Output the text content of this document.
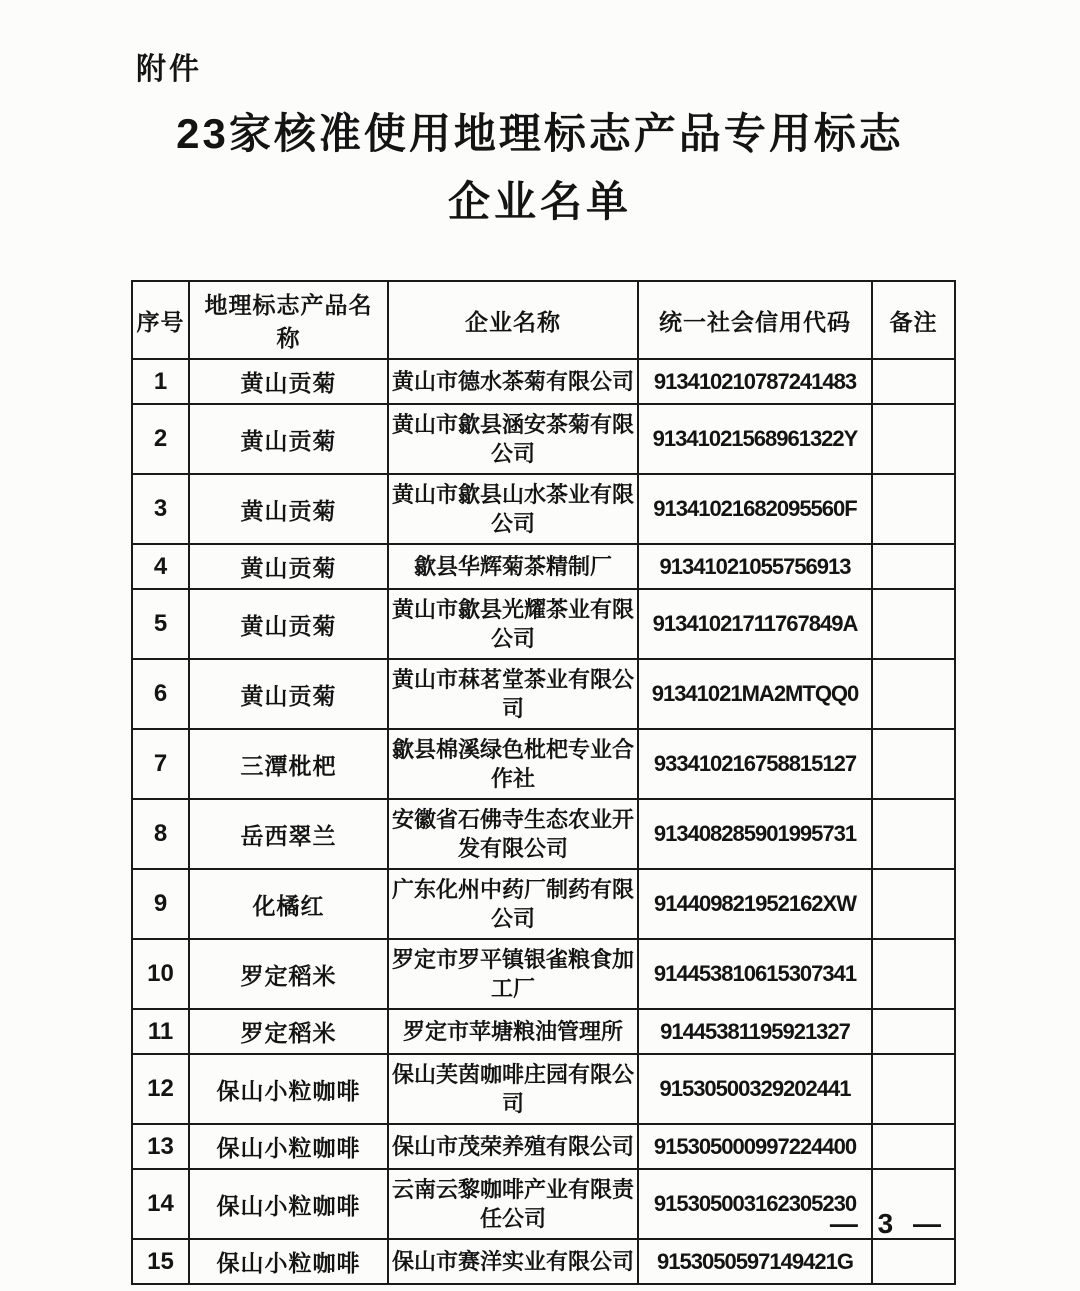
附件
23家核准使用地理标志产品专用标志
企业名单
序号	地理标志产品名称	企业名称	统一社会信用代码	备注
1	黄山贡菊	黄山市德水茶菊有限公司	913410210787241483	
2	黄山贡菊	黄山市歙县涵安茶菊有限公司	91341021568961322Y	
3	黄山贡菊	黄山市歙县山水茶业有限公司	91341021682095560F	
4	黄山贡菊	歙县华辉菊茶精制厂	91341021055756913	
5	黄山贡菊	黄山市歙县光耀茶业有限公司	91341021711767849A	
6	黄山贡菊	黄山市菻茗堂茶业有限公司	91341021MA2MTQQ0	
7	三潭枇杷	歙县棉溪绿色枇杷专业合作社	933410216758815127	
8	岳西翠兰	安徽省石佛寺生态农业开发有限公司	913408285901995731	
9	化橘红	广东化州中药厂制药有限公司	914409821952162XW	
10	罗定稻米	罗定市罗平镇银雀粮食加工厂	914453810615307341	
11	罗定稻米	罗定市苹塘粮油管理所	91445381195921327	
12	保山小粒咖啡	保山芙茵咖啡庄园有限公司	91530500329202441	
13	保山小粒咖啡	保山市茂荣养殖有限公司	915305000997224400	
14	保山小粒咖啡	云南云黎咖啡产业有限责任公司	915305003162305230	
15	保山小粒咖啡	保山市赛洋实业有限公司	9153050597149421G	
— 3 —
